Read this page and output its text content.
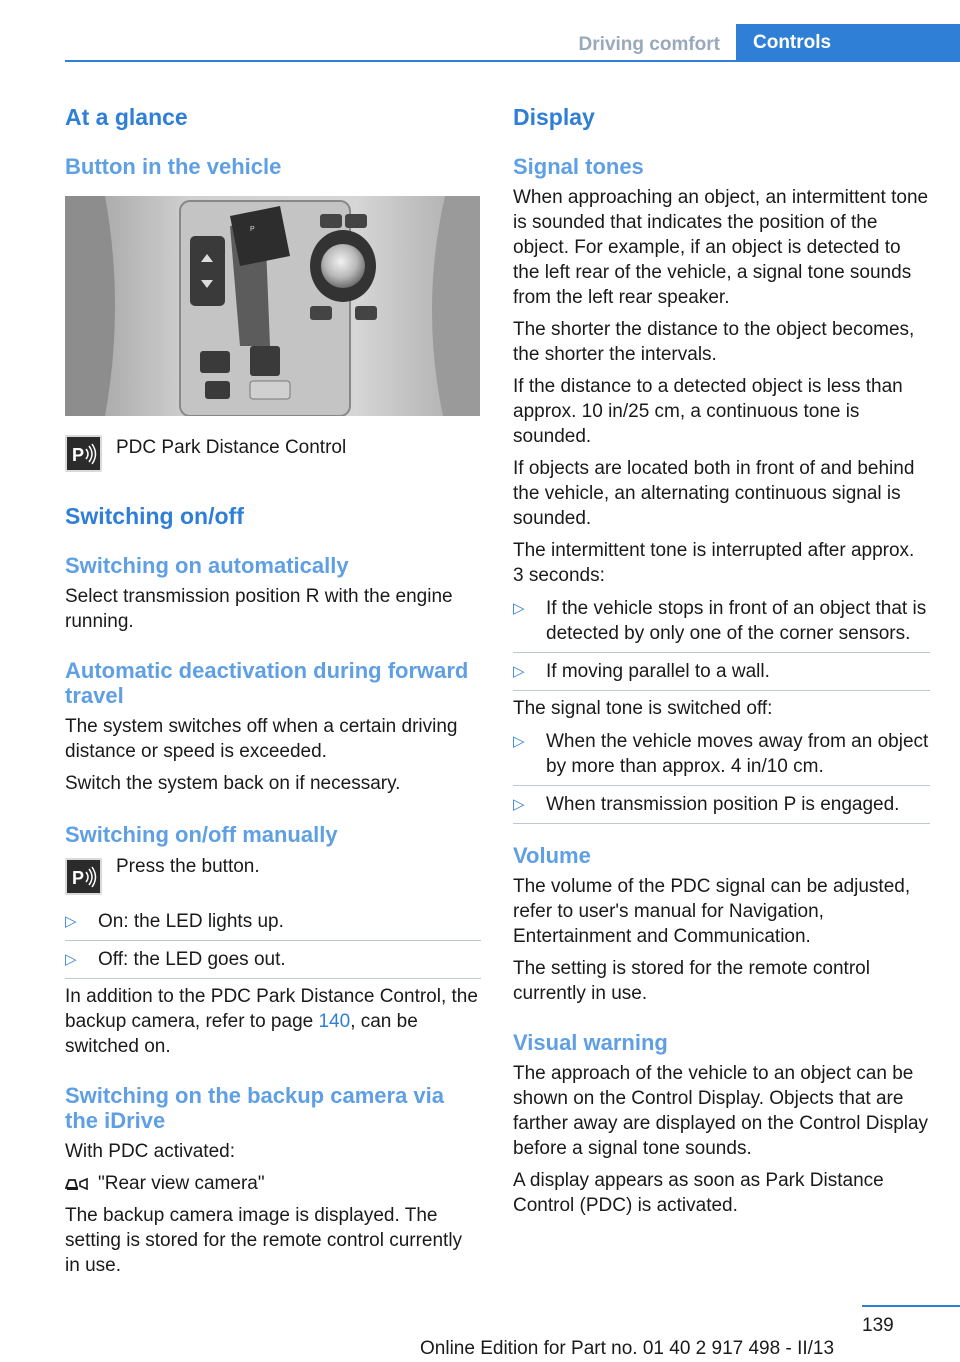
Driving comfort	Controls
At a glance
Button in the vehicle
P
P PDC Park Distance Control
Switching on/off
Switching on automatically

Select transmission position R with the engine running.

Automatic deactivation during forward travel

The system switches off when a certain driving distance or speed is exceeded.

Switch the system back on if necessary.

Switching on/off manually
P
Press the button.
▷ On: the LED lights up.
▷ Off: the LED goes out.

In addition to the PDC Park Distance Control, the backup camera, refer to page 140, can be switched on.

Switching on the backup camera via the iDrive

With PDC activated:

"Rear view camera"

The backup camera image is displayed. The setting is stored for the remote control currently in use.

Display
Signal tones

When approaching an object, an intermittent tone is sounded that indicates the position of the object. For example, if an object is detected to the left rear of the vehicle, a signal tone sounds from the left rear speaker.

The shorter the distance to the object becomes, the shorter the intervals.

If the distance to a detected object is less than approx. 10 in/25 cm, a continuous tone is sounded.

If objects are located both in front of and behind the vehicle, an alternating continuous signal is sounded.

The intermittent tone is interrupted after approx. 3 seconds:

▷ If the vehicle stops in front of an object that is detected by only one of the corner sensors.
▷ If moving parallel to a wall.

The signal tone is switched off:

▷ When the vehicle moves away from an object by more than approx. 4 in/10 cm.
▷ When transmission position P is engaged.
Volume

The volume of the PDC signal can be adjusted, refer to user's manual for Navigation, Entertainment and Communication.

The setting is stored for the remote control currently in use.

Visual warning

The approach of the vehicle to an object can be shown on the Control Display. Objects that are farther away are displayed on the Control Display before a signal tone sounds.

A display appears as soon as Park Distance Control (PDC) is activated.

139
Online Edition for Part no. 01 40 2 917 498 - II/13
